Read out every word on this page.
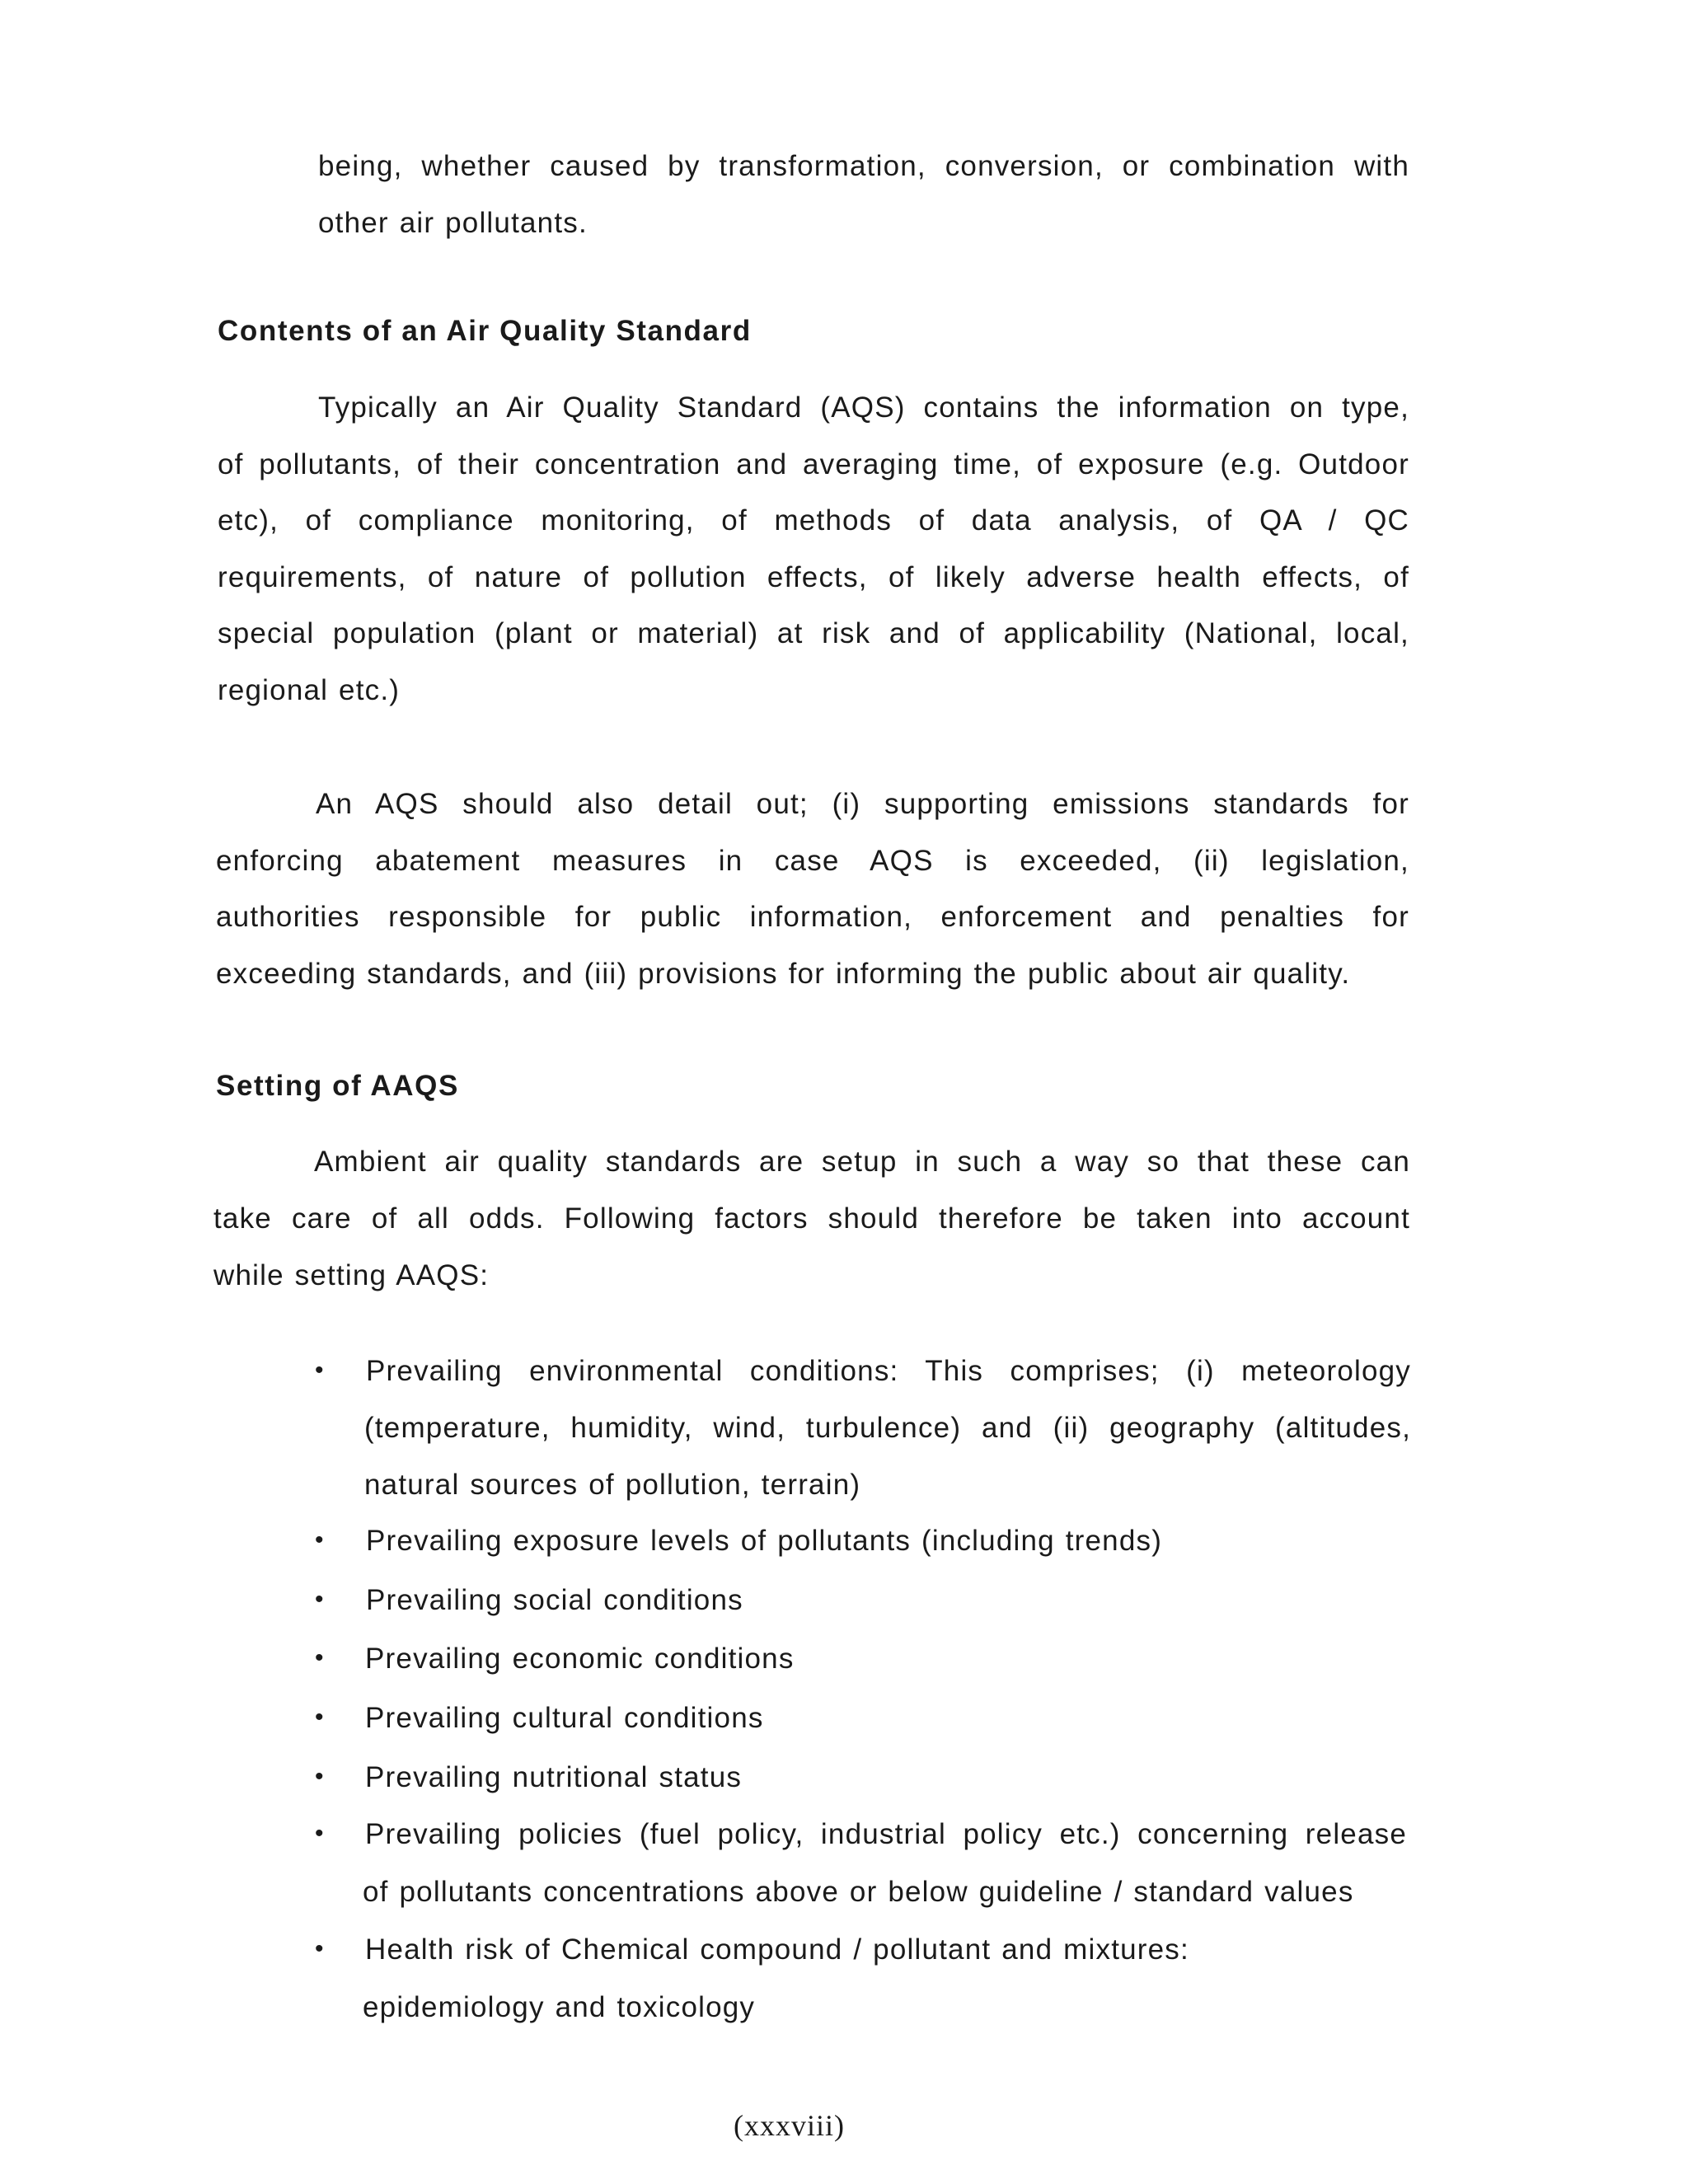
being, whether caused by transformation, conversion, or combination with
other air pollutants.
Contents of an Air Quality Standard
Typically an Air Quality Standard (AQS) contains the information on type,
of pollutants, of their concentration and averaging time, of exposure (e.g. Outdoor
etc), of compliance monitoring, of methods of data analysis, of QA / QC
requirements, of nature of pollution effects, of likely adverse health effects, of
special population (plant or material) at risk and of applicability (National, local,
regional etc.)
An AQS should also detail out; (i) supporting emissions standards for
enforcing abatement measures in case AQS is exceeded, (ii) legislation,
authorities responsible for public information, enforcement and penalties for
exceeding standards, and (iii) provisions for informing the public about air quality.
Setting of AAQS
Ambient air quality standards are setup in such a way so that these can
take care of all odds. Following factors should therefore be taken into account
while setting AAQS:
• Prevailing environmental conditions: This comprises; (i) meteorology
(temperature, humidity, wind, turbulence) and (ii) geography (altitudes,
natural sources of pollution, terrain)
• Prevailing exposure levels of pollutants (including trends)
• Prevailing social conditions
• Prevailing economic conditions
• Prevailing cultural conditions
• Prevailing nutritional status
• Prevailing policies (fuel policy, industrial policy etc.) concerning release
of pollutants concentrations above or below guideline / standard values
• Health risk of Chemical compound / pollutant and mixtures:
epidemiology and toxicology
(xxxviii)
